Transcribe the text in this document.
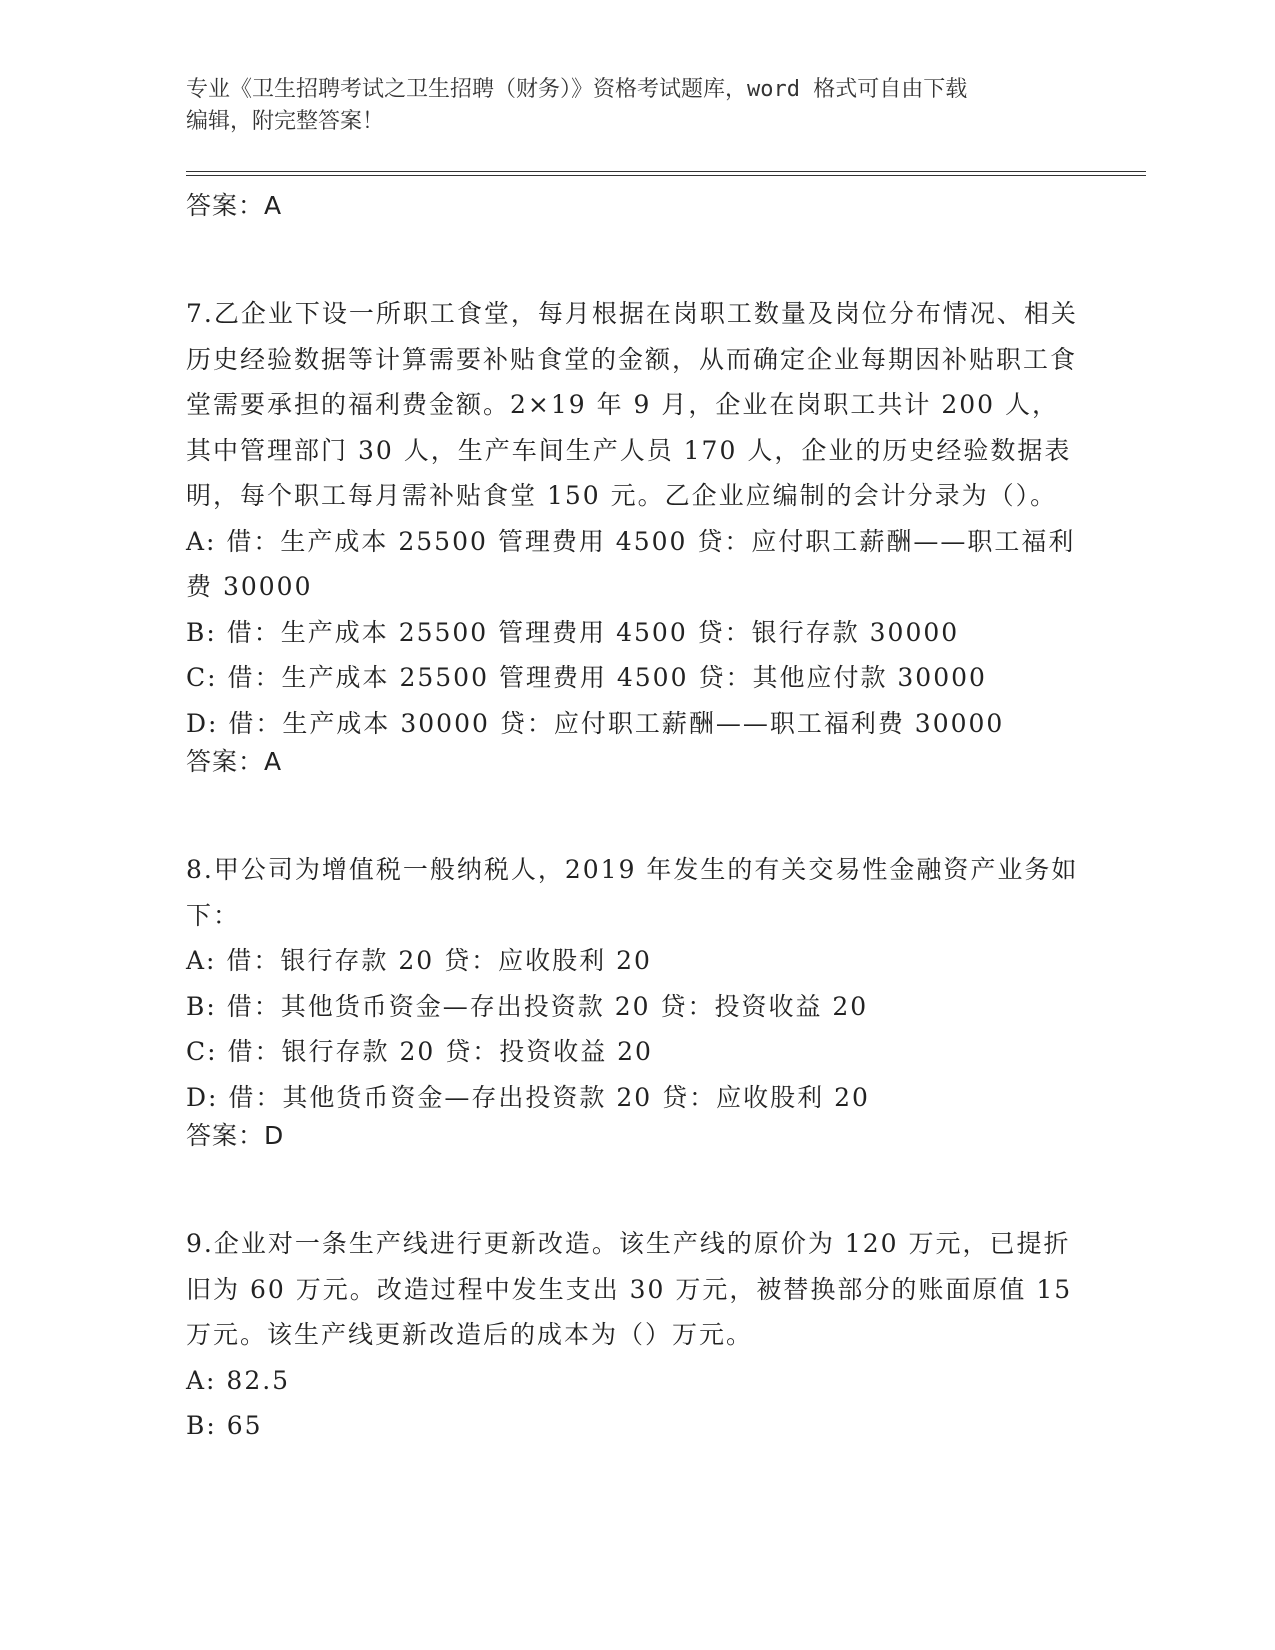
专业《卫生招聘考试之卫生招聘（财务）》资格考试题库，word 格式可自由下载
编辑，附完整答案！
答案：A
7.乙企业下设一所职工食堂，每月根据在岗职工数量及岗位分布情况、相关历史经验数据等计算需要补贴食堂的金额，从而确定企业每期因补贴职工食堂需要承担的福利费金额。2×19 年 9 月，企业在岗职工共计 200 人，其中管理部门 30 人，生产车间生产人员 170 人，企业的历史经验数据表明，每个职工每月需补贴食堂 150 元。乙企业应编制的会计分录为（）。
A: 借：生产成本 25500 管理费用 4500 贷：应付职工薪酬——职工福利费 30000
B: 借：生产成本 25500 管理费用 4500 贷：银行存款 30000
C: 借：生产成本 25500 管理费用 4500 贷：其他应付款 30000
D: 借：生产成本 30000 贷：应付职工薪酬——职工福利费 30000
答案：A
8.甲公司为增值税一般纳税人，2019 年发生的有关交易性金融资产业务如下：
A: 借：银行存款 20 贷：应收股利 20
B: 借：其他货币资金—存出投资款 20 贷：投资收益 20
C: 借：银行存款 20 贷：投资收益 20
D: 借：其他货币资金—存出投资款 20 贷：应收股利 20
答案：D
9.企业对一条生产线进行更新改造。该生产线的原价为 120 万元，已提折旧为 60 万元。改造过程中发生支出 30 万元，被替换部分的账面原值 15 万元。该生产线更新改造后的成本为（）万元。
A: 82.5
B: 65
